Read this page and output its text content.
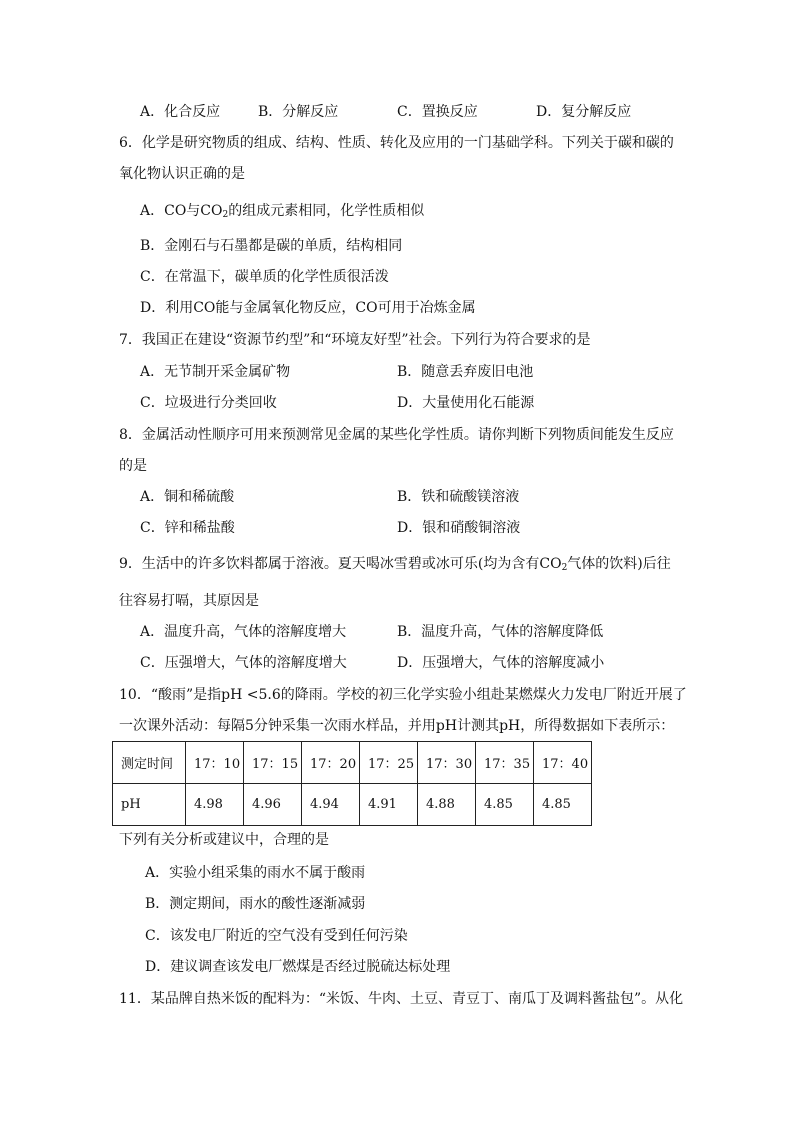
A．化合反应	B．分解反应	C．置换反应	D．复分解反应
6．化学是研究物质的组成、结构、性质、转化及应用的一门基础学科。下列关于碳和碳的
氧化物认识正确的是
A．CO与$CO_2$的组成元素相同，化学性质相似
B．金刚石与石墨都是碳的单质，结构相同
C．在常温下，碳单质的化学性质很活泼
D．利用CO能与金属氧化物反应，CO可用于冶炼金属
7．我国正在建设“资源节约型”和“环境友好型”社会。下列行为符合要求的是
A．无节制开采金属矿物	B．随意丢弃废旧电池
C．垃圾进行分类回收	D．大量使用化石能源
8．金属活动性顺序可用来预测常见金属的某些化学性质。请你判断下列物质间能发生反应
的是
A．铜和稀硫酸	B．铁和硫酸镁溶液
C．锌和稀盐酸	D．银和硝酸铜溶液
9．生活中的许多饮料都属于溶液。夏天喝冰雪碧或冰可乐(均为含有$CO_2$气体的饮料)后往
往容易打嗝，其原因是
A．温度升高，气体的溶解度增大	B．温度升高，气体的溶解度降低
C．压强增大，气体的溶解度增大	D．压强增大，气体的溶解度减小
10．“酸雨”是指pH <5.6的降雨。学校的初三化学实验小组赴某燃煤火力发电厂附近开展了
一次课外活动：每隔5分钟采集一次雨水样品，并用pH计测其pH，所得数据如下表所示：
测定时间	17：10	17：15	17：20	17：25	17：30	17：35	17：40
pH	4.98	4.96	4.94	4.91	4.88	4.85	4.85
下列有关分析或建议中，合理的是
A．实验小组采集的雨水不属于酸雨
B．测定期间，雨水的酸性逐渐减弱
C．该发电厂附近的空气没有受到任何污染
D．建议调查该发电厂燃煤是否经过脱硫达标处理
11．某品牌自热米饭的配料为：“米饭、牛肉、土豆、青豆丁、南瓜丁及调料酱盐包”。从化
